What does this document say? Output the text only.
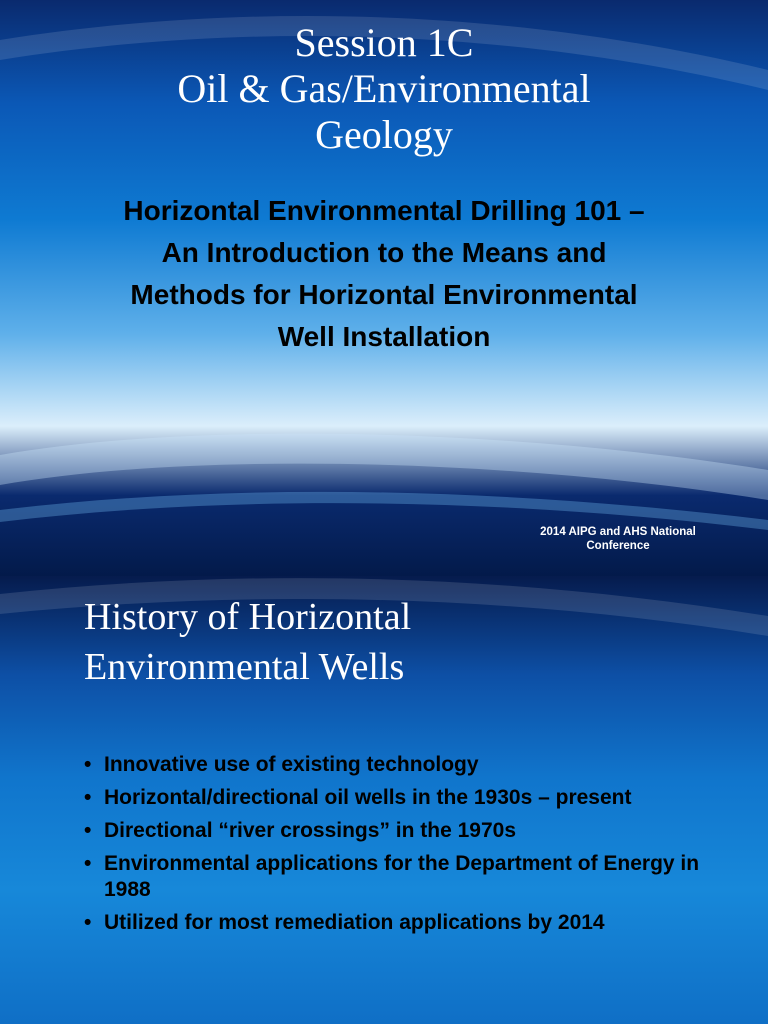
Session 1C
Oil & Gas/Environmental
Geology
Horizontal Environmental Drilling 101 –
An Introduction to the Means and
Methods for Horizontal Environmental
Well Installation
2014 AIPG and AHS National
Conference
History of Horizontal
Environmental Wells
• Innovative use of existing technology
• Horizontal/directional oil wells in the 1930s – present
• Directional “river crossings” in the 1970s
• Environmental applications for the Department of Energy in 1988
• Utilized for most remediation applications by 2014
